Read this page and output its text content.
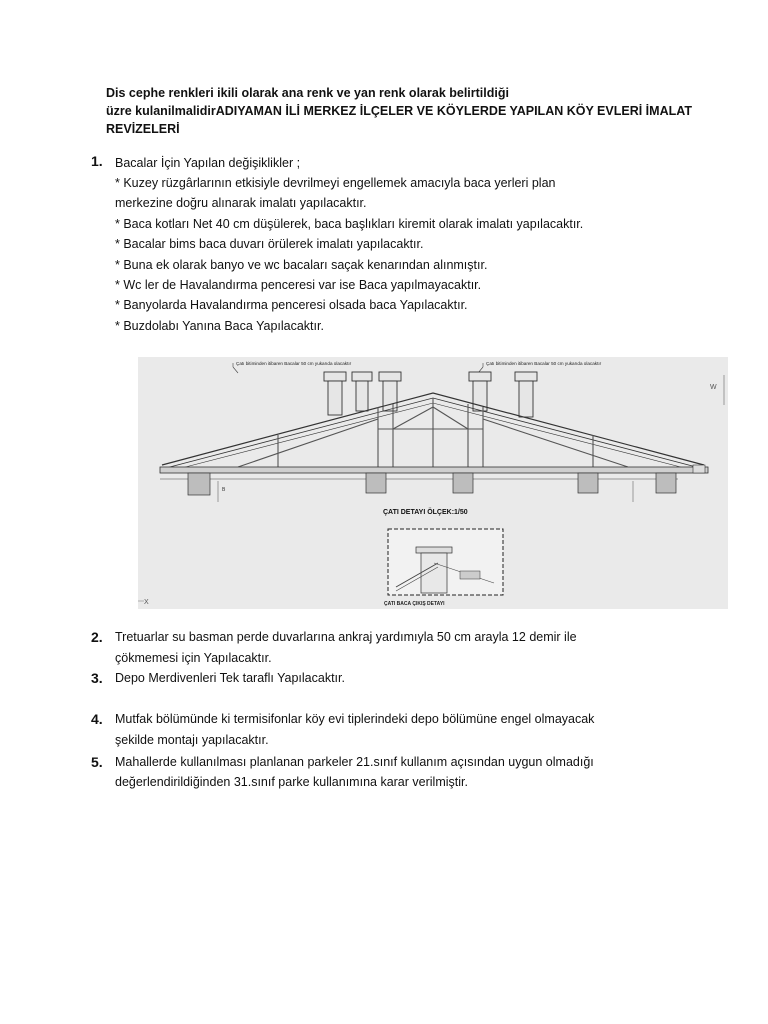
Dis cephe renkleri ikili olarak ana renk ve yan renk olarak belirtildiği
üzre kulanilmalidirADIYAMAN İLİ MERKEZ İLÇELER VE KÖYLERDE YAPILAN KÖY EVLERİ İMALAT
REVİZELERİ
1. Bacalar İçin Yapılan değişiklikler ;
* Kuzey rüzgârlarının etkisiyle devrilmeyi engellemek amacıyla baca yerleri plan
merkezine doğru alınarak imalatı yapılacaktır.
* Baca kotları Net 40 cm düşülerek, baca başlıkları kiremit olarak imalatı yapılacaktır.
* Bacalar bims baca duvarı örülerek imalatı yapılacaktır.
* Buna ek olarak banyo ve wc bacaları saçak kenarından alınmıştır.
* Wc ler de Havalandırma penceresi var ise Baca yapılmayacaktır.
* Banyolarda Havalandırma penceresi olsada baca Yapılacaktır.
* Buzdolabı Yanına Baca Yapılacaktır.
Çatı bitiminden itibaren Bacalar 50 cm yukarıda olacaktır	Çatı bitiminden itibaren Bacalar 50 cm yukarıda olacaktır
B
ÇATI DETAYI ÖLÇEK:1/50
ÇATI BACA ÇIKIŞ DETAYI
W
X
2. Tretuarlar su basman perde duvarlarına ankraj yardımıyla 50 cm arayla 12 demir ile
çökmemesi için Yapılacaktır.
3. Depo Merdivenleri Tek taraflı Yapılacaktır.
4. Mutfak bölümünde ki termisifonlar köy evi tiplerindeki depo bölümüne engel olmayacak
şekilde montajı yapılacaktır.
5. Mahallerde kullanılması planlanan parkeler 21.sınıf kullanım açısından uygun olmadığı
değerlendirildiğinden 31.sınıf parke kullanımına karar verilmiştir.
